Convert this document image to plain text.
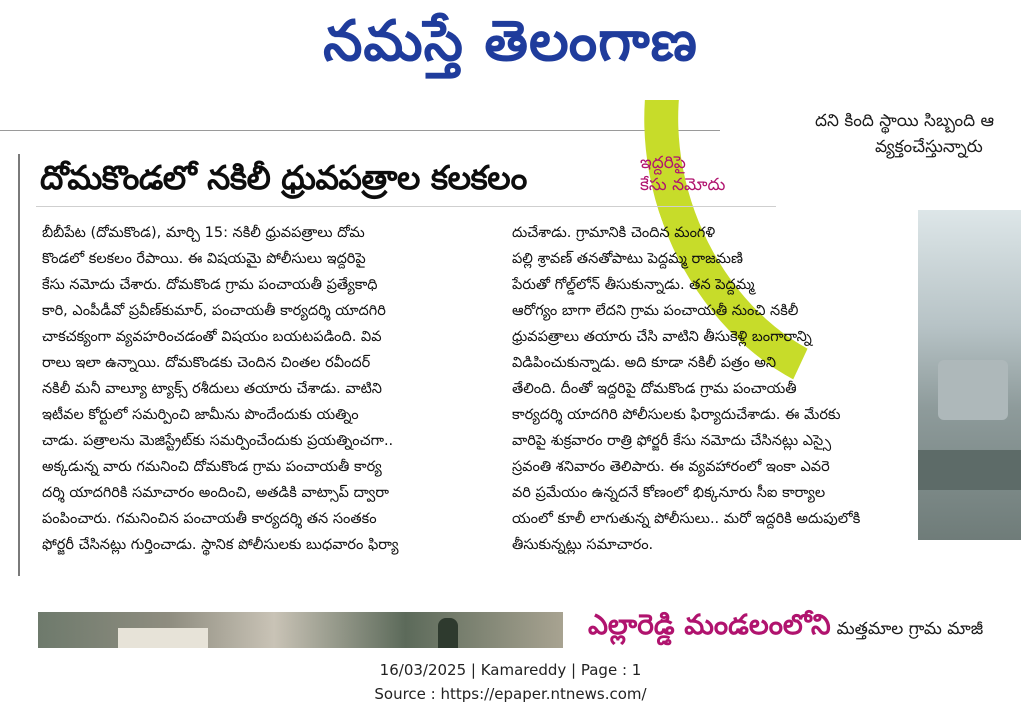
నమస్తే తెలంగాణ
దని కింది స్థాయి సిబ్బంది ఆ
వ్యక్తంచేస్తున్నారు
దోమకొండలో నకిలీ ధ్రువపత్రాల కలకలం	ఇద్దరిపై
కేసు నమోదు
బీబీపేట (దోమకొండ), మార్చి 15: నకిలీ ధ్రువపత్రాలు దోమ
కొండలో కలకలం రేపాయి. ఈ విషయమై పోలీసులు ఇద్దరిపై
కేసు నమోదు చేశారు. దోమకొండ గ్రామ పంచాయతీ ప్రత్యేకాధి
కారి, ఎంపీడీవో ప్రవీణ్‌కుమార్, పంచాయతీ కార్యదర్శి యాదగిరి
చాకచక్యంగా వ్యవహరించడంతో విషయం బయటపడింది. వివ
రాలు ఇలా ఉన్నాయి. దోమకొండకు చెందిన చింతల రవీందర్
నకిలీ మనీ వాల్యూ ట్యాక్స్ రశీదులు తయారు చేశాడు. వాటిని
ఇటీవల కోర్టులో సమర్పించి జామీను పొందేందుకు యత్నిం
చాడు. పత్రాలను మెజిస్ట్రేట్‌కు సమర్పించేందుకు ప్రయత్నించగా..
అక్కడున్న వారు గమనించి దోమకొండ గ్రామ పంచాయతీ కార్య
దర్శి యాదగిరికి సమాచారం అందించి, అతడికి వాట్సాప్ ద్వారా
పంపించారు. గమనించిన పంచాయతీ కార్యదర్శి తన సంతకం
ఫోర్జరీ చేసినట్లు గుర్తించాడు. స్థానిక పోలీసులకు బుధవారం ఫిర్యా
దుచేశాడు. గ్రామానికి చెందిన మంగళి
పల్లి శ్రావణ్ తనతోపాటు పెద్దమ్మ రాజమణి
పేరుతో గోల్డ్‌లోన్ తీసుకున్నాడు. తన పెద్దమ్మ
ఆరోగ్యం బాగా లేదని గ్రామ పంచాయతీ నుంచి నకిలీ
ధ్రువపత్రాలు తయారు చేసి వాటిని తీసుకెళ్లి బంగారాన్ని
విడిపించుకున్నాడు. అది కూడా నకిలీ పత్రం అని
తేలింది. దీంతో ఇద్దరిపై దోమకొండ గ్రామ పంచాయతీ
కార్యదర్శి యాదగిరి పోలీసులకు ఫిర్యాదుచేశాడు. ఈ మేరకు
వారిపై శుక్రవారం రాత్రి ఫోర్జరీ కేసు నమోదు చేసినట్లు ఎస్సై
స్రవంతి శనివారం తెలిపారు. ఈ వ్యవహారంలో ఇంకా ఎవరె
వరి ప్రమేయం ఉన్నదనే కోణంలో భిక్కనూరు సీఐ కార్యాల
యంలో కూలీ లాగుతున్న పోలీసులు.. మరో ఇద్దరికి అదుపులోకి
తీసుకున్నట్లు సమాచారం.
ఎల్లారెడ్డి మండలంలోని మత్తమాల గ్రామ మాజీ
16/03/2025 | Kamareddy | Page : 1
Source : https://epaper.ntnews.com/
